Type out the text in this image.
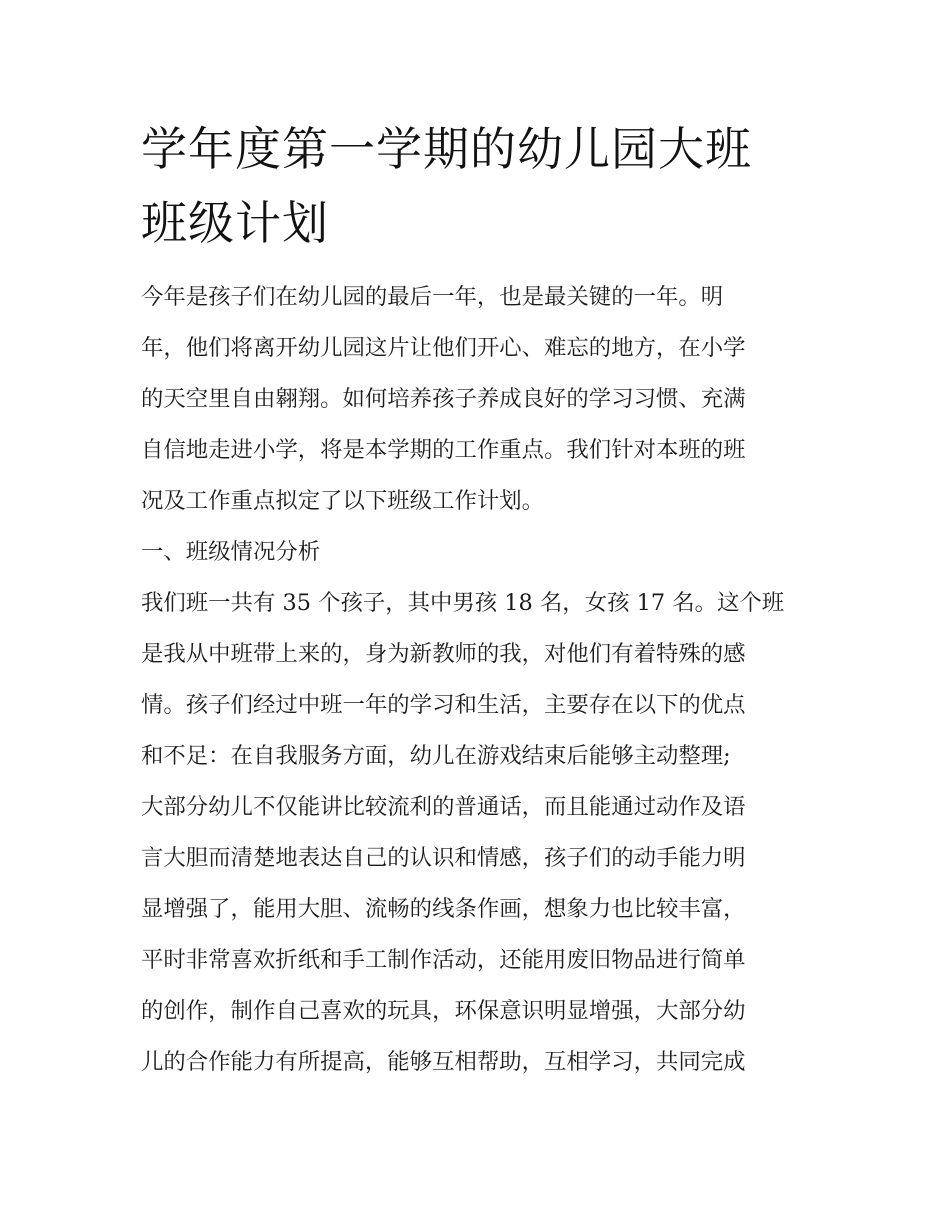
学年度第一学期的幼儿园大班
班级计划

今年是孩子们在幼儿园的最后一年，也是最关键的一年。明
年，他们将离开幼儿园这片让他们开心、难忘的地方，在小学
的天空里自由翱翔。如何培养孩子养成良好的学习习惯、充满
自信地走进小学，将是本学期的工作重点。我们针对本班的班
况及工作重点拟定了以下班级工作计划。

一、班级情况分析

我们班一共有 35 个孩子，其中男孩 18 名，女孩 17 名。这个班
是我从中班带上来的，身为新教师的我，对他们有着特殊的感
情。孩子们经过中班一年的学习和生活，主要存在以下的优点
和不足：在自我服务方面，幼儿在游戏结束后能够主动整理;
大部分幼儿不仅能讲比较流利的普通话，而且能通过动作及语
言大胆而清楚地表达自己的认识和情感，孩子们的动手能力明
显增强了，能用大胆、流畅的线条作画，想象力也比较丰富，
平时非常喜欢折纸和手工制作活动，还能用废旧物品进行简单
的创作，制作自己喜欢的玩具，环保意识明显增强，大部分幼
儿的合作能力有所提高，能够互相帮助，互相学习，共同完成
